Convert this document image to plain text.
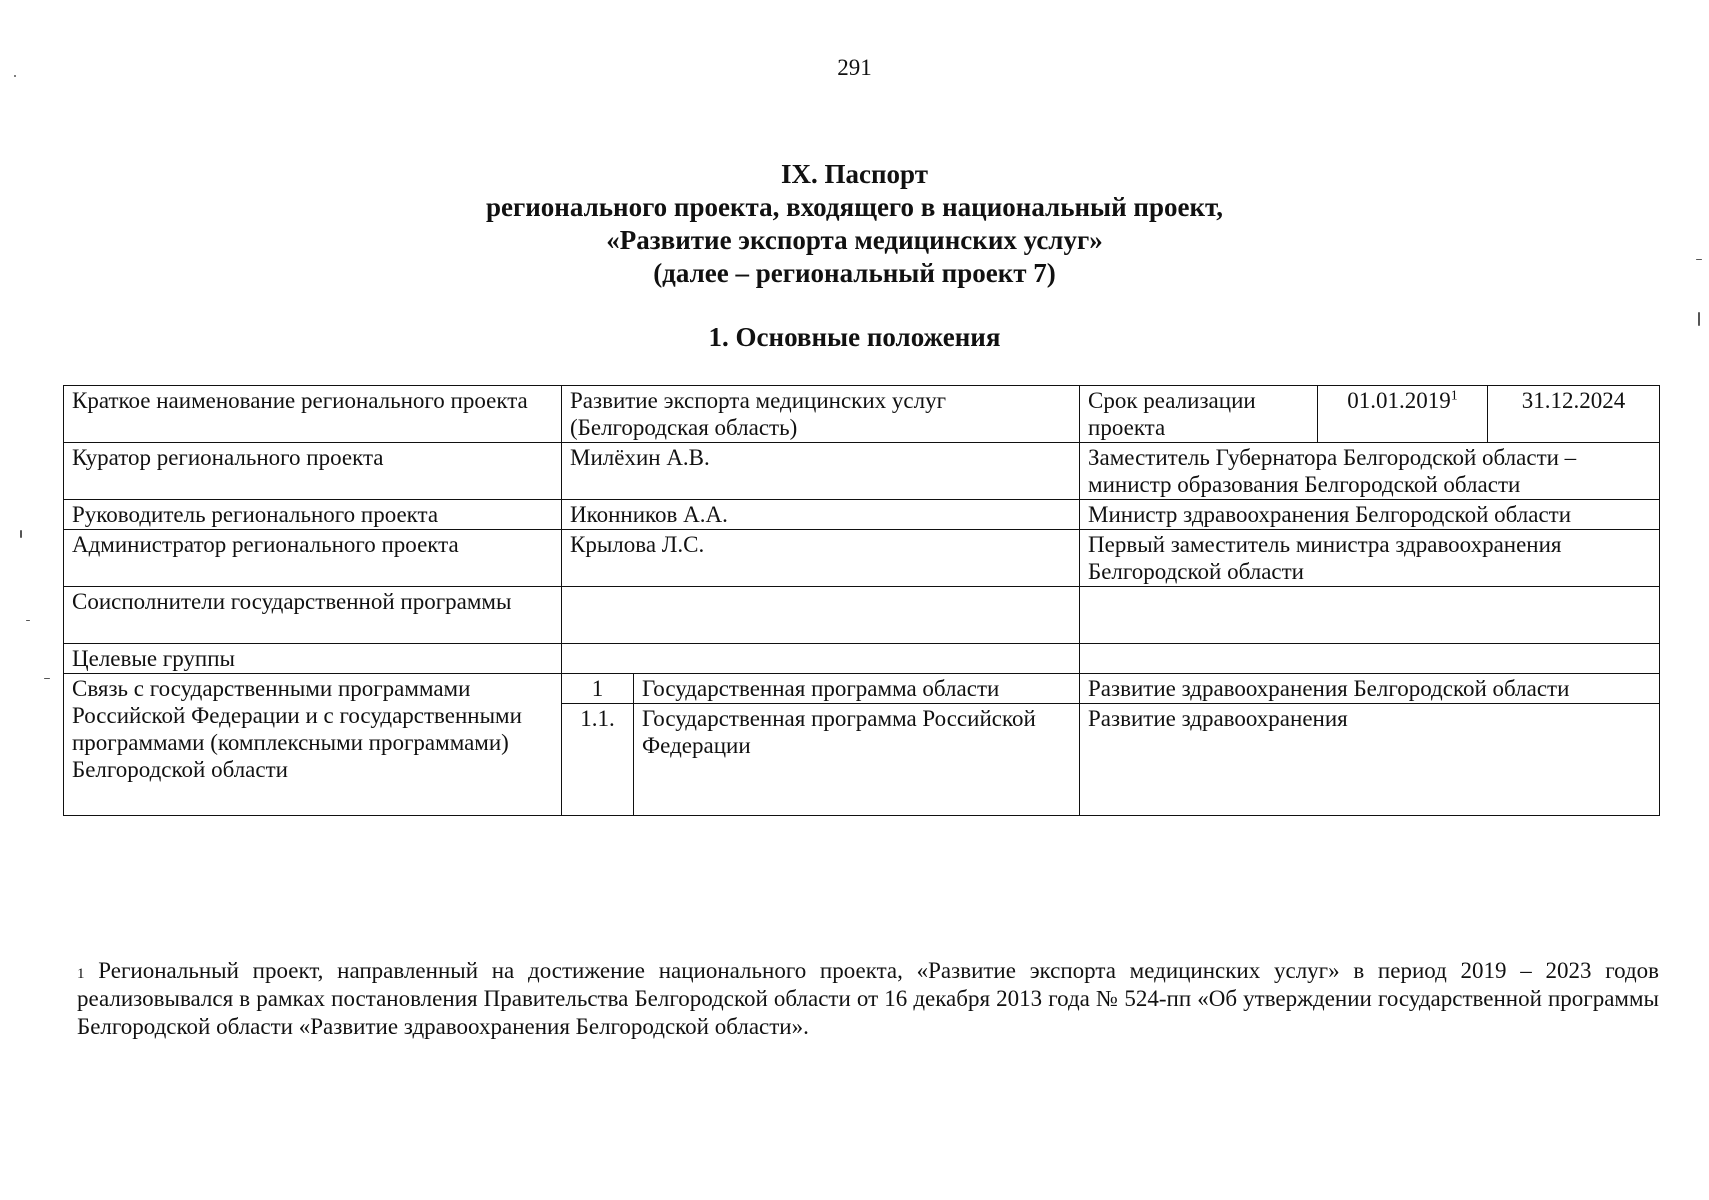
291
IX. Паспорт
регионального проекта, входящего в национальный проект,
«Развитие экспорта медицинских услуг»
(далее – региональный проект 7)
1. Основные положения
Краткое наименование регионального проекта	Развитие экспорта медицинских услуг (Белгородская область)		Срок реализации проекта	01.01.2019$^1$	31.12.2024
Куратор регионального проекта	Милёхин А.В.		Заместитель Губернатора Белгородской области – министр образования Белгородской области		
Руководитель регионального проекта	Иконников А.А.		Министр здравоохранения Белгородской области		
Администратор регионального проекта	Крылова Л.С.		Первый заместитель министра здравоохранения Белгородской области		
Соисполнители государственной программы					
Целевые группы					
Связь с государственными программами Российской Федерации и с государственными программами (комплексными программами) Белгородской области	1	Государственная программа области	Развитие здравоохранения Белгородской области		
	1.1.	Государственная программа Российской Федерации	Развитие здравоохранения		
$^1$ Региональный проект, направленный на достижение национального проекта, «Развитие экспорта медицинских услуг» в период 2019 – 2023 годов реализовывался в рамках постановления Правительства Белгородской области от 16 декабря 2013 года № 524-пп «Об утверждении государственной программы Белгородской области «Развитие здравоохранения Белгородской области».
